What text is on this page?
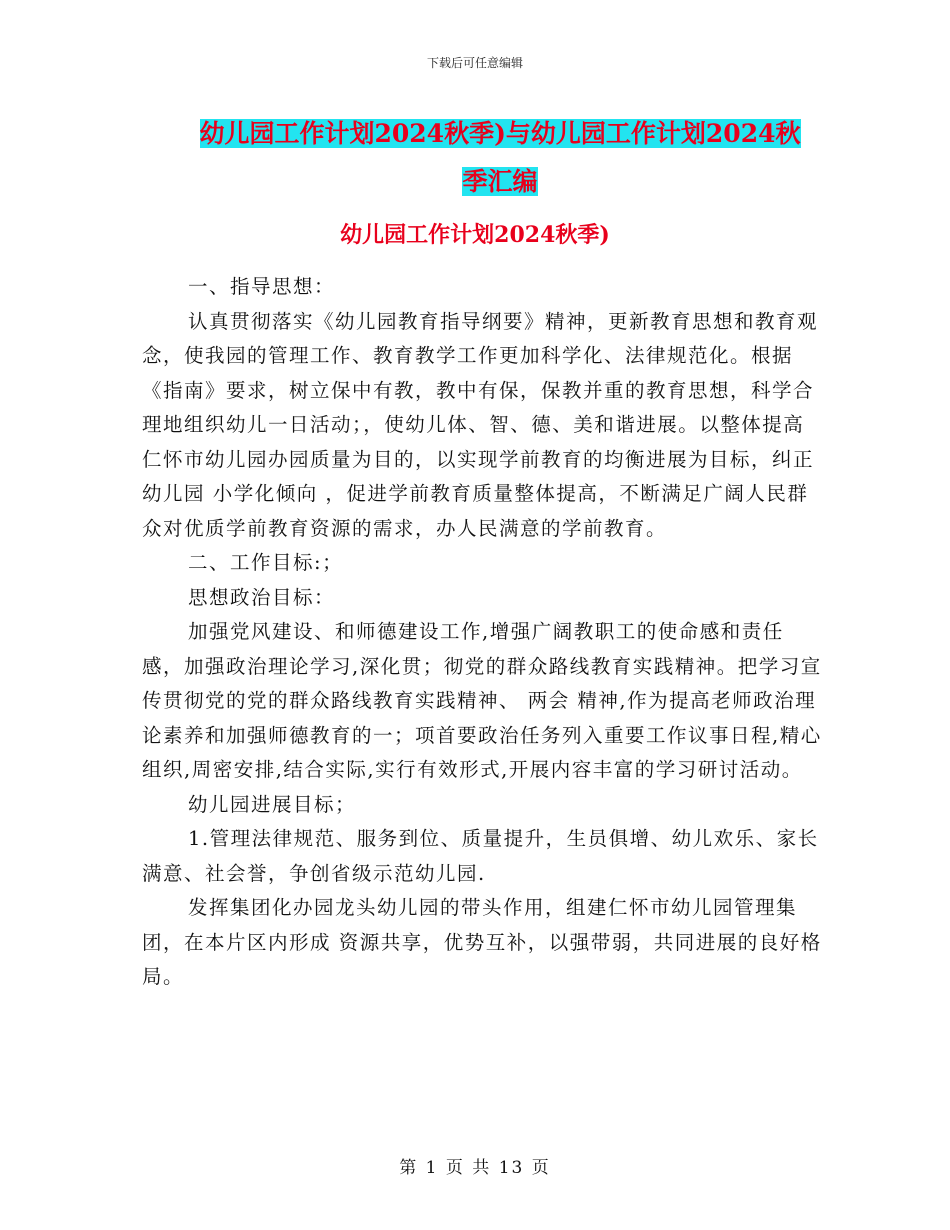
下载后可任意编辑
幼儿园工作计划2024秋季)与幼儿园工作计划2024秋
季汇编
幼儿园工作计划2024秋季)

一、指导思想：

认真贯彻落实《幼儿园教育指导纲要》精神，更新教育思想和教育观念，使我园的管理工作、教育教学工作更加科学化、法律规范化。根据《指南》要求，树立保中有教，教中有保，保教并重的教育思想，科学合理地组织幼儿一日活动；，使幼儿体、智、德、美和谐进展。以整体提高仁怀市幼儿园办园质量为目的，以实现学前教育的均衡进展为目标，纠正幼儿园 小学化倾向 ，促进学前教育质量整体提高，不断满足广阔人民群众对优质学前教育资源的需求，办人民满意的学前教育。

二、工作目标:；

思想政治目标：

加强党风建设、和师德建设工作,增强广阔教职工的使命感和责任感，加强政治理论学习,深化贯；彻党的群众路线教育实践精神。把学习宣传贯彻党的党的群众路线教育实践精神、 两会 精神,作为提高老师政治理论素养和加强师德教育的一；项首要政治任务列入重要工作议事日程,精心组织,周密安排,结合实际,实行有效形式,开展内容丰富的学习研讨活动。

幼儿园进展目标；

1.管理法律规范、服务到位、质量提升，生员俱增、幼儿欢乐、家长满意、社会誉，争创省级示范幼儿园.

发挥集团化办园龙头幼儿园的带头作用，组建仁怀市幼儿园管理集团，在本片区内形成 资源共享，优势互补，以强带弱，共同进展的良好格局。

第 1 页 共 13 页
